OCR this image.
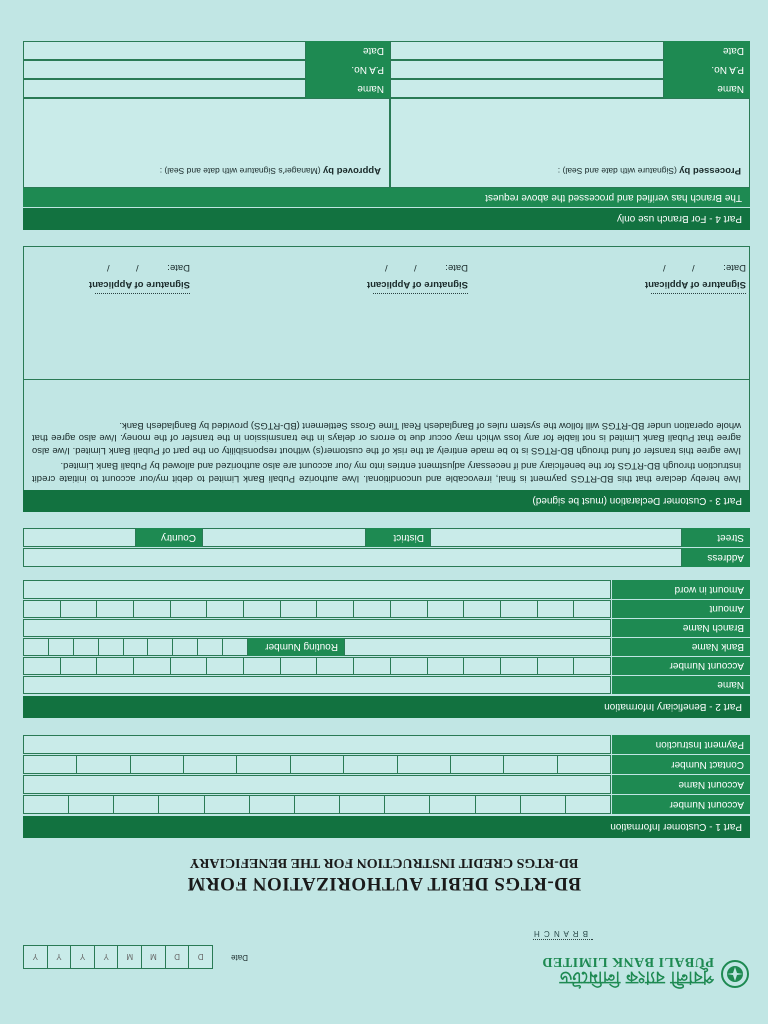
পূবালী ব্যাংক লিমিটেড
PUBALI BANK LIMITED
B R A N C H
Date
D
D
M
M
Y
Y
Y
Y
BD-RTGS DEBIT AUTHORIZATION FORM
BD-RTGS CREDIT INSTRUCTION FOR THE BENEFICIARY
Part 1 - Customer Information
Account Number
Account Name
Contact Number
Payment Instruction
Part 2 - Beneficiary Information
Name
Account Number
Bank Name
Routing Number
Branch Name
Amount
Amount in word
Address
Street
District
Country
Part 3 - Customer Declaration (must be signed)

I/we hereby declare that this BD-RTGS payment is final, irrevocable and unconditional. I/we authorize Pubali Bank Limited to debit my/our account to initiate credit instruction through BD-RTGS for the beneficiary and if necessary adjustment entries into my /our account are also authorized and allowed by Pubali Bank Limited.

I/we agree this transfer of fund through BD-RTGS is to be made entirely at the risk of the customer(s) without responsibility on the part of Pubali Bank Limited. I/we also agree that Pubali Bank Limited is not liable for any loss which may occur due to errors or delays in the transmission in the transfer of the money. I/we also agree that whole operation under BD-RTGS will follow the system rules of Bangladesh Real Time Gross Settlement (BD-RTGS) provided by Bangladesh Bank.

Signature of Applicant
Date: /          /
Signature of Applicant
Date: /          /
Signature of Applicant
Date: /          /
Part 4 - For Branch use only
The Branch has verified and processed the above request
Processed by (Signature with date and Seal) :
Approved by (Manager's Signature with date and Seal) :
Name
P.A No.
Date
Name
P.A No.
Date
